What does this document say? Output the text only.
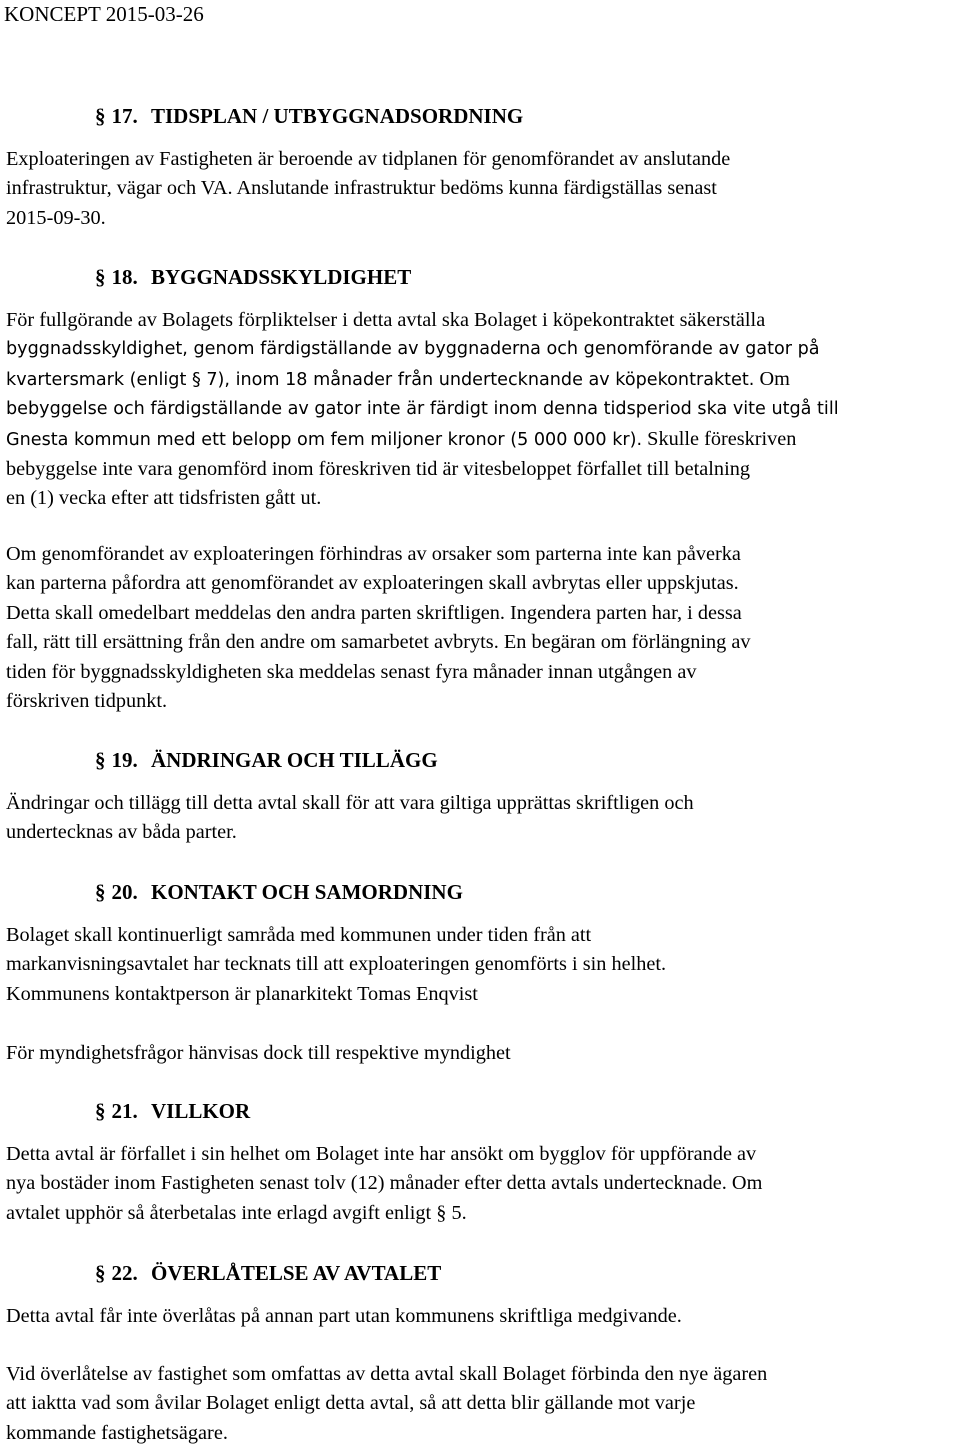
KONCEPT 2015-03-26
§ 17. TIDSPLAN / UTBYGGNADSORDNING
Exploateringen av Fastigheten är beroende av tidplanen för genomförandet av anslutande
infrastruktur, vägar och VA. Anslutande infrastruktur bedöms kunna färdigställas senast
2015-09-30.
§ 18. BYGGNADSSKYLDIGHET
För fullgörande av Bolagets förpliktelser i detta avtal ska Bolaget i köpekontraktet säkerställa
byggnadsskyldighet, genom färdigställande av byggnaderna och genomförande av gator på
kvartersmark (enligt § 7), inom 18 månader från undertecknande av köpekontraktet. Om
bebyggelse och färdigställande av gator inte är färdigt inom denna tidsperiod ska vite utgå till
Gnesta kommun med ett belopp om fem miljoner kronor (5 000 000 kr). Skulle föreskriven
bebyggelse inte vara genomförd inom föreskriven tid är vitesbeloppet förfallet till betalning
en (1) vecka efter att tidsfristen gått ut.
Om genomförandet av exploateringen förhindras av orsaker som parterna inte kan påverka
kan parterna påfordra att genomförandet av exploateringen skall avbrytas eller uppskjutas.
Detta skall omedelbart meddelas den andra parten skriftligen. Ingendera parten har, i dessa
fall, rätt till ersättning från den andre om samarbetet avbryts. En begäran om förlängning av
tiden för byggnadsskyldigheten ska meddelas senast fyra månader innan utgången av
förskriven tidpunkt.
§ 19. ÄNDRINGAR OCH TILLÄGG
Ändringar och tillägg till detta avtal skall för att vara giltiga upprättas skriftligen och
undertecknas av båda parter.
§ 20. KONTAKT OCH SAMORDNING
Bolaget skall kontinuerligt samråda med kommunen under tiden från att
markanvisningsavtalet har tecknats till att exploateringen genomförts i sin helhet.
Kommunens kontaktperson är planarkitekt Tomas Enqvist
För myndighetsfrågor hänvisas dock till respektive myndighet
§ 21. VILLKOR
Detta avtal är förfallet i sin helhet om Bolaget inte har ansökt om bygglov för uppförande av
nya bostäder inom Fastigheten senast tolv (12) månader efter detta avtals undertecknade. Om
avtalet upphör så återbetalas inte erlagd avgift enligt § 5.
§ 22. ÖVERLÅTELSE AV AVTALET
Detta avtal får inte överlåtas på annan part utan kommunens skriftliga medgivande.
Vid överlåtelse av fastighet som omfattas av detta avtal skall Bolaget förbinda den nye ägaren
att iaktta vad som åvilar Bolaget enligt detta avtal, så att detta blir gällande mot varje
kommande fastighetsägare.
